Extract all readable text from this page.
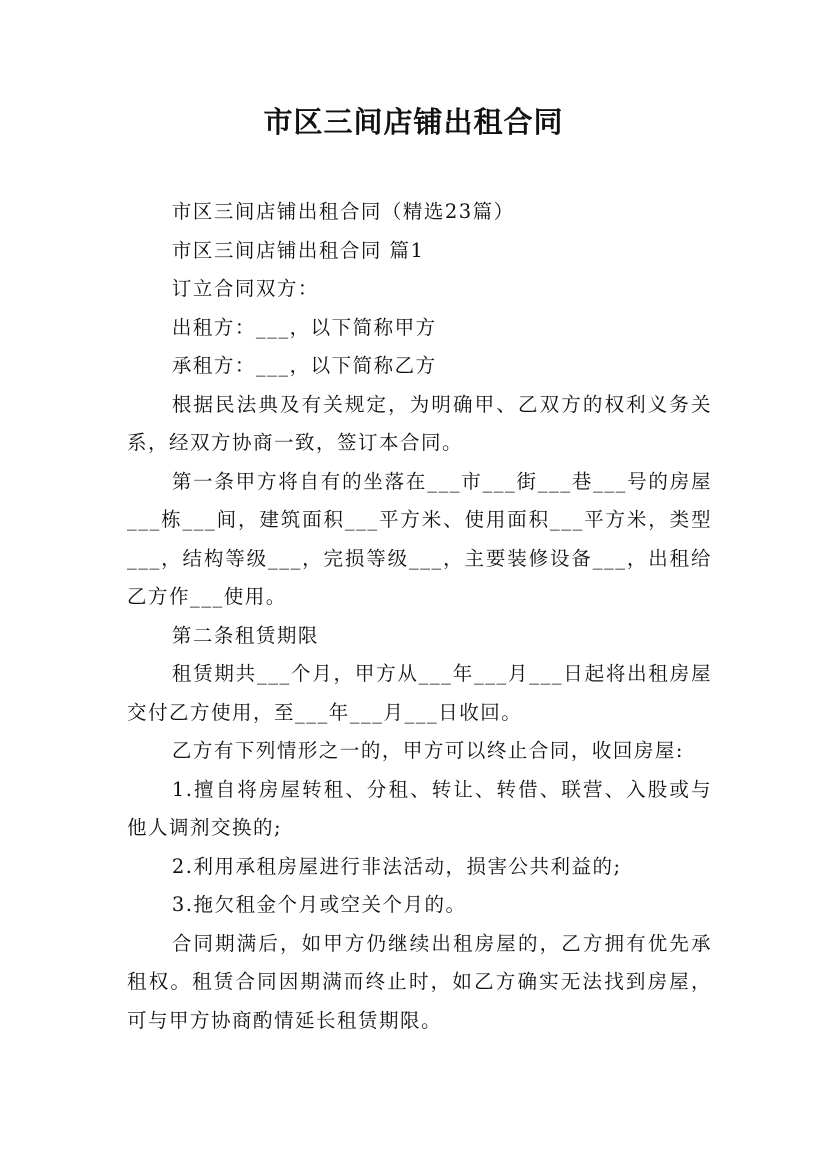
市区三间店铺出租合同

市区三间店铺出租合同（精选23篇）

市区三间店铺出租合同 篇1

订立合同双方：

出租方：___，以下简称甲方

承租方：___，以下简称乙方

根据民法典及有关规定，为明确甲、乙双方的权利义务关系，经双方协商一致，签订本合同。

第一条甲方将自有的坐落在___市___街___巷___号的房屋___栋___间，建筑面积___平方米、使用面积___平方米，类型___，结构等级___，完损等级___，主要装修设备___，出租给乙方作___使用。

第二条租赁期限

租赁期共___个月，甲方从___年___月___日起将出租房屋交付乙方使用，至___年___月___日收回。

乙方有下列情形之一的，甲方可以终止合同，收回房屋:

1.擅自将房屋转租、分租、转让、转借、联营、入股或与他人调剂交换的;

2.利用承租房屋进行非法活动，损害公共利益的;

3.拖欠租金个月或空关个月的。

合同期满后，如甲方仍继续出租房屋的，乙方拥有优先承租权。租赁合同因期满而终止时，如乙方确实无法找到房屋，可与甲方协商酌情延长租赁期限。
